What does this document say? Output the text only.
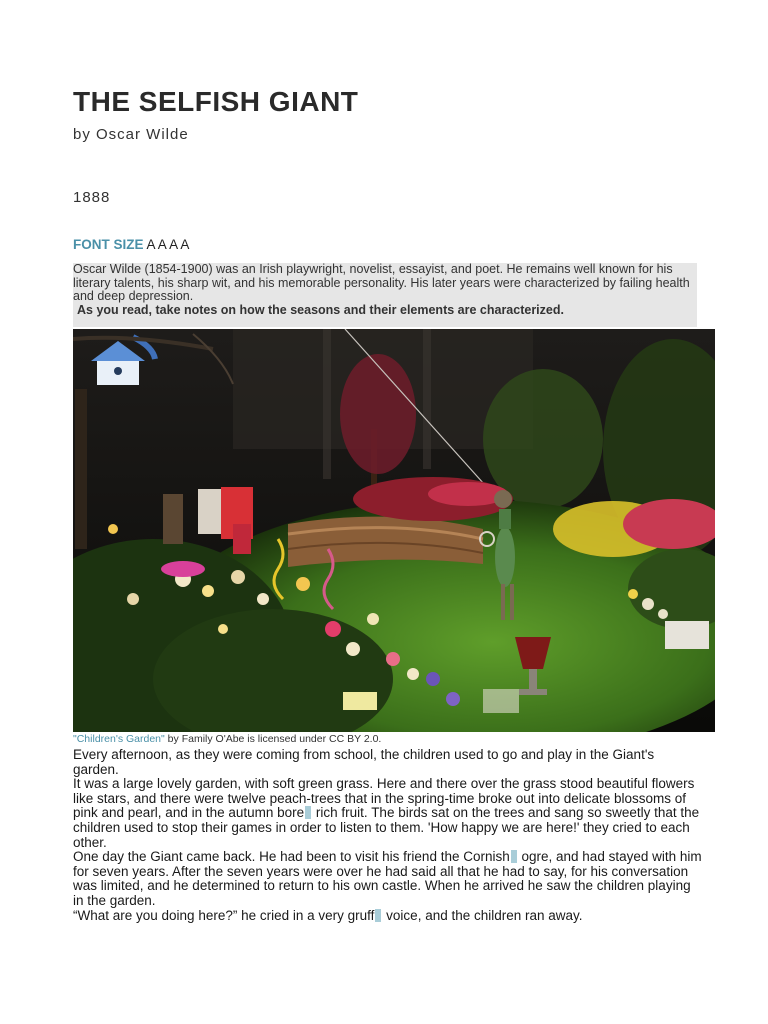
THE SELFISH GIANT
by Oscar Wilde
1888
FONT SIZE A A A A
Oscar Wilde (1854-1900) was an Irish playwright, novelist, essayist, and poet. He remains well known for his literary talents, his sharp wit, and his memorable personality. His later years were characterized by failing health and deep depression.
As you read, take notes on how the seasons and their elements are characterized.
"Children's Garden" by Family O'Abe is licensed under CC BY 2.0.

Every afternoon, as they were coming from school, the children used to go and play in the Giant's garden.

It was a large lovely garden, with soft green grass. Here and there over the grass stood beautiful flowers like stars, and there were twelve peach-trees that in the spring-time broke out into delicate blossoms of pink and pearl, and in the autumn bore rich fruit. The birds sat on the trees and sang so sweetly that the children used to stop their games in order to listen to them. 'How happy we are here!' they cried to each other.

One day the Giant came back. He had been to visit his friend the Cornish ogre, and had stayed with him for seven years. After the seven years were over he had said all that he had to say, for his conversation was limited, and he determined to return to his own castle. When he arrived he saw the children playing in the garden.

“What are you doing here?” he cried in a very gruff voice, and the children ran away.
